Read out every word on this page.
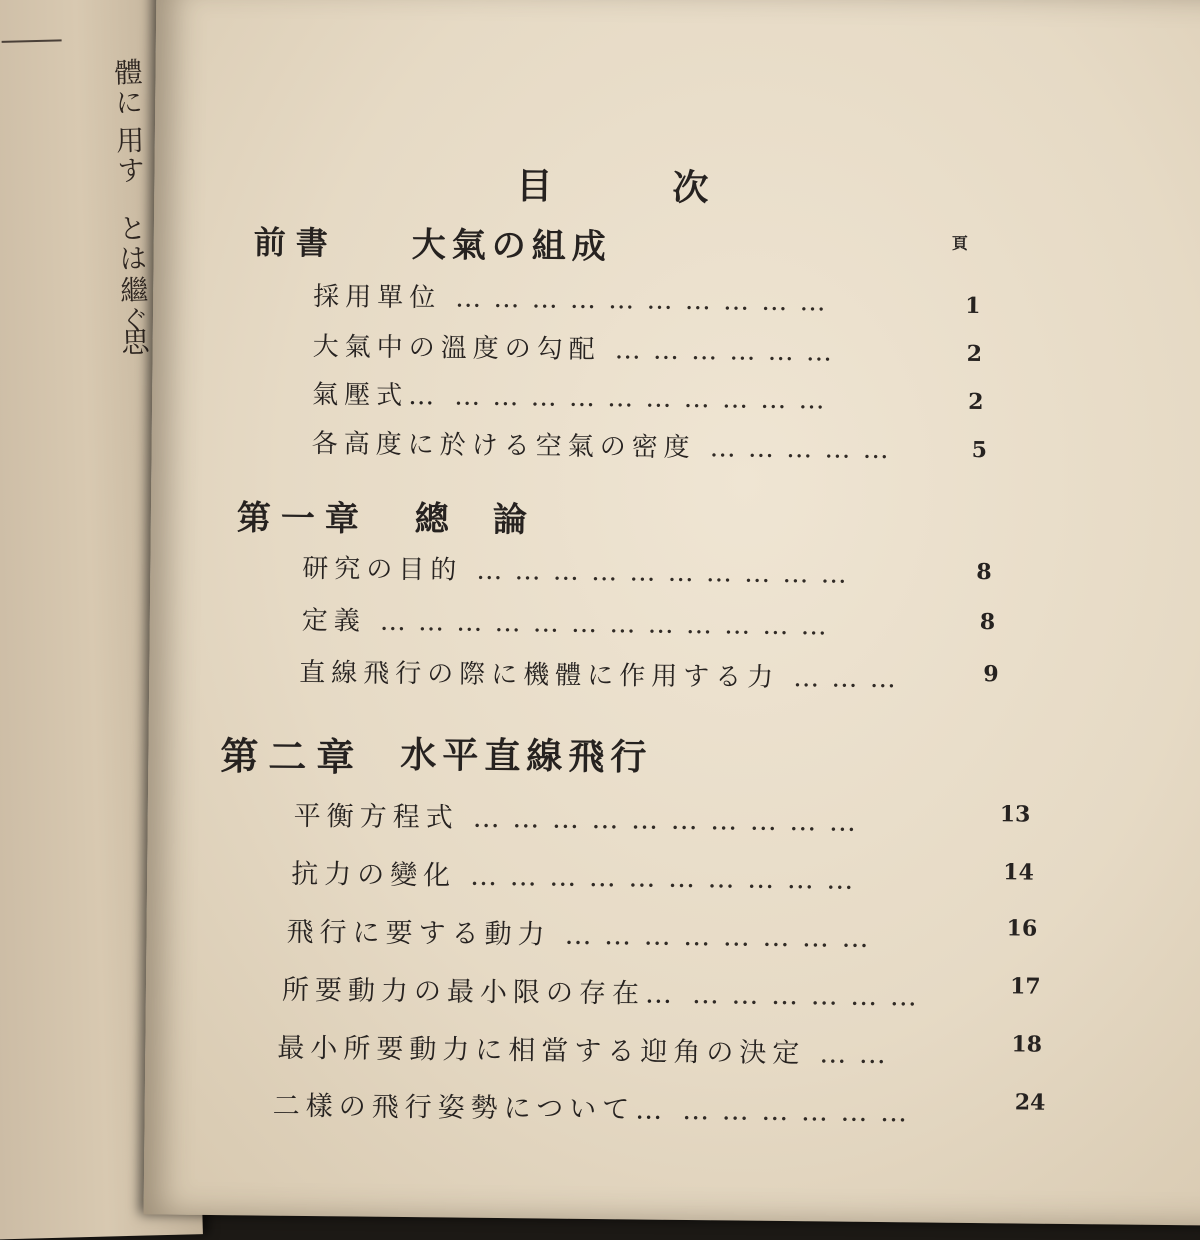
體に
用す
とは
繼ぐ
思
目次
頁
前書 大氣の組成
採用單位 … … … … … … … … … …	1
大氣中の溫度の勾配 … … … … … …	2
氣壓式… … … … … … … … … … …	2
各高度に於ける空氣の密度 … … … … …	5
第一章 總論
研究の目的 … … … … … … … … … …	8
定義 … … … … … … … … … … … …	8
直線飛行の際に機體に作用する力 … … …	9
第二章 水平直線飛行
平衡方程式 … … … … … … … … … …	13
抗力の變化 … … … … … … … … … …	14
飛行に要する動力 … … … … … … … …	16
所要動力の最小限の存在… … … … … … …	17
最小所要動力に相當する迎角の決定 … …	18
二樣の飛行姿勢について… … … … … … …	24
